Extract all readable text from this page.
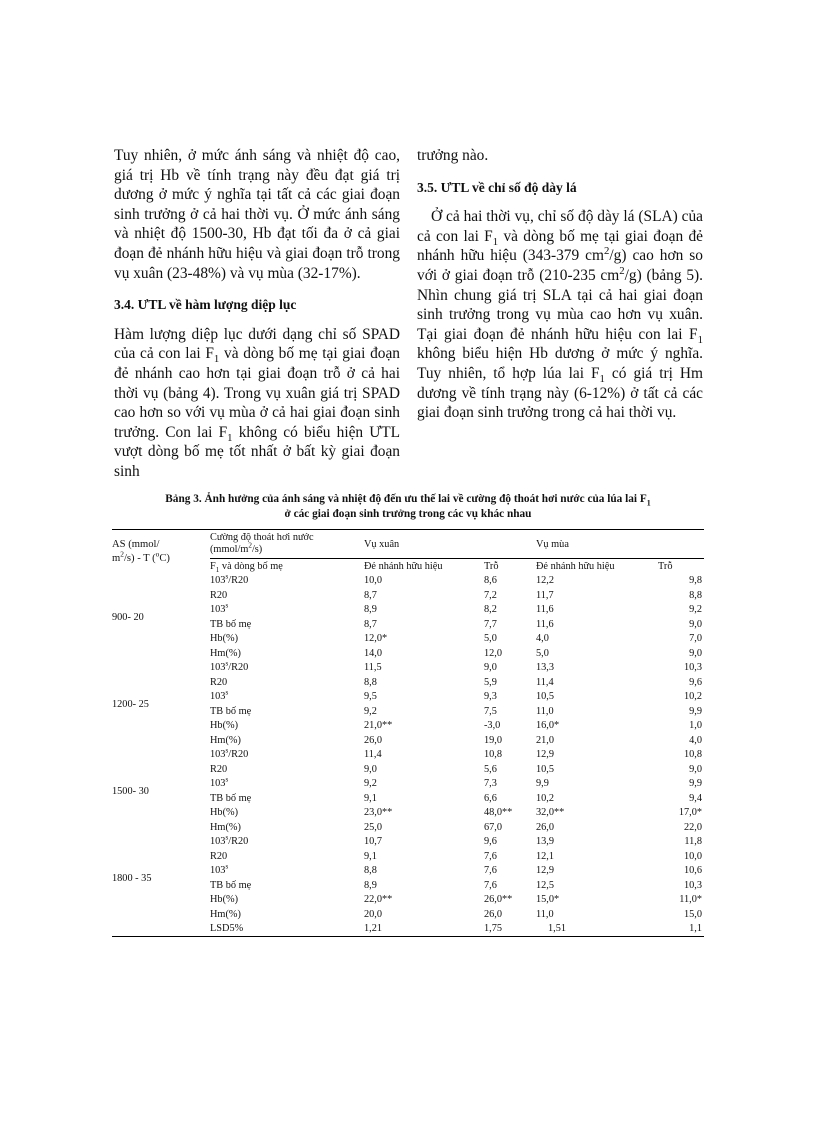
Tuy nhiên, ở mức ánh sáng và nhiệt độ cao, giá trị Hb về tính trạng này đều đạt giá trị dương ở mức ý nghĩa tại tất cả các giai đoạn sinh trưởng ở cả hai thời vụ. Ở mức ánh sáng và nhiệt độ 1500-30, Hb đạt tối đa ở cả giai đoạn đẻ nhánh hữu hiệu và giai đoạn trỗ trong vụ xuân (23-48%) và vụ mùa (32-17%).

3.4. ƯTL về hàm lượng diệp lục

Hàm lượng diệp lục dưới dạng chỉ số SPAD của cả con lai $F_1$ và dòng bố mẹ tại giai đoạn đẻ nhánh cao hơn tại giai đoạn trỗ ở cả hai thời vụ (bảng 4). Trong vụ xuân giá trị SPAD cao hơn so với vụ mùa ở cả hai giai đoạn sinh trưởng. Con lai $F_1$ không có biểu hiện ƯTL vượt dòng bố mẹ tốt nhất ở bất kỳ giai đoạn sinh

trưởng nào.

3.5. ƯTL về chỉ số độ dày lá

Ở cả hai thời vụ, chỉ số độ dày lá (SLA) của cả con lai $F_1$ và dòng bố mẹ tại giai đoạn đẻ nhánh hữu hiệu (343-379 $cm^2/g$) cao hơn so với ở giai đoạn trỗ (210-235 $cm^2/g$) (bảng 5). Nhìn chung giá trị SLA tại cả hai giai đoạn sinh trưởng trong vụ mùa cao hơn vụ xuân. Tại giai đoạn đẻ nhánh hữu hiệu con lai $F_1$ không biểu hiện Hb dương ở mức ý nghĩa. Tuy nhiên, tổ hợp lúa lai $F_1$ có giá trị Hm dương về tính trạng này (6-12%) ở tất cả các giai đoạn sinh trưởng trong cả hai thời vụ.

Bảng 3. Ảnh hưởng của ánh sáng và nhiệt độ đến ưu thế lai về cường độ thoát hơi nước của lúa lai $F_1$

ở các giai đoạn sinh trưởng trong các vụ khác nhau

AS (mmol/
$m^2/s$) - T ($^o$C)	Cường độ thoát hơi nước
$(mmol/m^2/s)$	Vụ xuân		Vụ mùa	
	$F_1$ và dòng bố mẹ	Đẻ nhánh hữu hiệu	Trỗ	Đẻ nhánh hữu hiệu	Trỗ
900- 20	103$^s$/R20	10,0	8,6	12,2	9,8
	R20	8,7	7,2	11,7	8,8
	103$^s$	8,9	8,2	11,6	9,2
	TB bố mẹ	8,7	7,7	11,6	9,0
	Hb(%)	12,0*	5,0	4,0	7,0
	Hm(%)	14,0	12,0	5,0	9,0
1200- 25	103$^s$/R20	11,5	9,0	13,3	10,3
	R20	8,8	5,9	11,4	9,6
	103$^s$	9,5	9,3	10,5	10,2
	TB bố mẹ	9,2	7,5	11,0	9,9
	Hb(%)	21,0**	-3,0	16,0*	1,0
	Hm(%)	26,0	19,0	21,0	4,0
1500- 30	103$^s$/R20	11,4	10,8	12,9	10,8
	R20	9,0	5,6	10,5	9,0
	103$^s$	9,2	7,3	9,9	9,9
	TB bố mẹ	9,1	6,6	10,2	9,4
	Hb(%)	23,0**	48,0**	32,0**	17,0*
	Hm(%)	25,0	67,0	26,0	22,0
1800 - 35	103$^s$/R20	10,7	9,6	13,9	11,8
	R20	9,1	7,6	12,1	10,0
	103$^s$	8,8	7,6	12,9	10,6
	TB bố mẹ	8,9	7,6	12,5	10,3
	Hb(%)	22,0**	26,0**	15,0*	11,0*
	Hm(%)	20,0	26,0	11,0	15,0
	LSD5%	1,21	1,75	1,51	1,1
